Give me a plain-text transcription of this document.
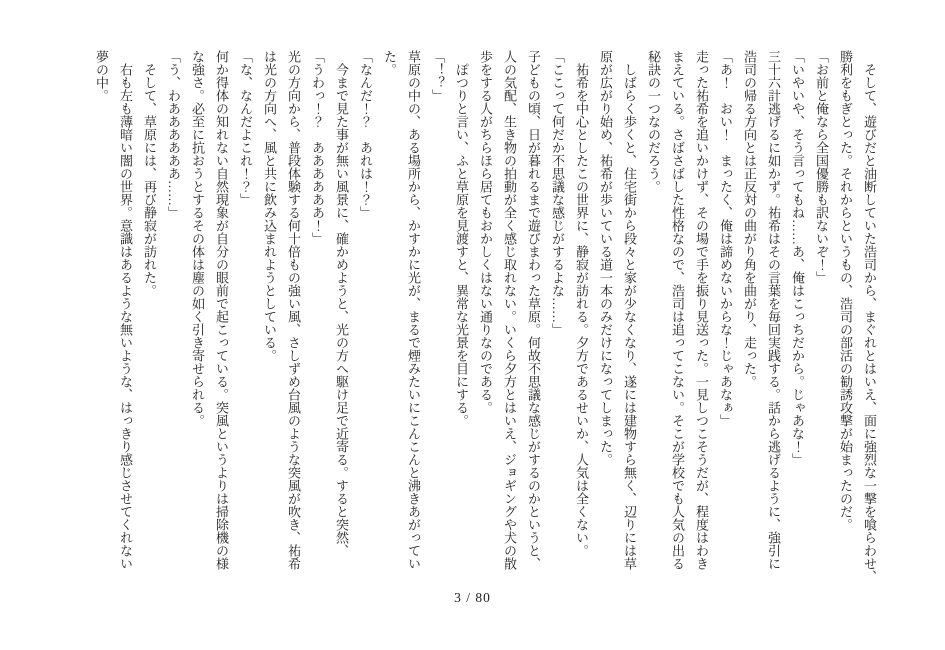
そして、遊びだと油断していた浩司から、まぐれとはいえ、面に強烈な一撃を喰らわせ、
勝利をもぎとった。それからというもの、浩司の部活の勧誘攻撃が始まったのだ。
「お前と俺なら全国優勝も訳ないぞ！」
「いやいや、そう言ってもね……あ、俺はこっちだから。じゃあな！」
三十六計逃げるに如かず。祐希はその言葉を毎回実践する。話から逃げるように、強引に
浩司の帰る方向とは正反対の曲がり角を曲がり、走った。
「あ！　おい！　まったく、俺は諦めないからな！じゃあなぁ」
走った祐希を追いかけず、その場で手を振り見送った。一見しつこそうだが、程度はわき
まえている。さばさばした性格なので、浩司は追ってこない。そこが学校でも人気の出る
秘訣の一つなのだろう。
しばらく歩くと、住宅街から段々と家が少なくなり、遂には建物すら無く、辺りには草
原が広がり始め、祐希が歩いている道一本のみだけになってしまった。
祐希を中心としたこの世界に、静寂が訪れる。夕方であるせいか、人気は全くない。
「ここって何だか不思議な感じがするよな……」
子どもの頃、日が暮れるまで遊びまわった草原。何故不思議な感じがするのかというと、
人の気配、生き物の拍動が全く感じ取れない。いくら夕方とはいえ、ジョギングや犬の散
歩をする人がちらほら居てもおかしくはない通りなのである。
ぽつりと言い、ふと草原を見渡すと、異常な光景を目にする。
「！？」
草原の中の、ある場所から、かすかに光が、まるで煙みたいにこんこんと沸きあがってい
た。
「なんだ！？　あれは！？」
今まで見た事が無い風景に、確かめようと、光の方へ駆け足で近寄る。すると突然、
「うわっ！？　ああああああ！」
光の方向から、普段体験する何十倍もの強い風、さしずめ台風のような突風が吹き、祐希
は光の方向へ、風と共に飲み込まれようとしている。
「な、なんだよこれ！？」
何か得体の知れない自然現象が自分の眼前で起こっている。突風というよりは掃除機の様
な強さ。必至に抗おうとするその体は塵の如く引き寄せられる。
「う、わああああああ……」
そして、草原には、再び静寂が訪れた。
右も左も薄暗い闇の世界。意識はあるような無いような、はっきり感じさせてくれない
夢の中。
3 / 80
